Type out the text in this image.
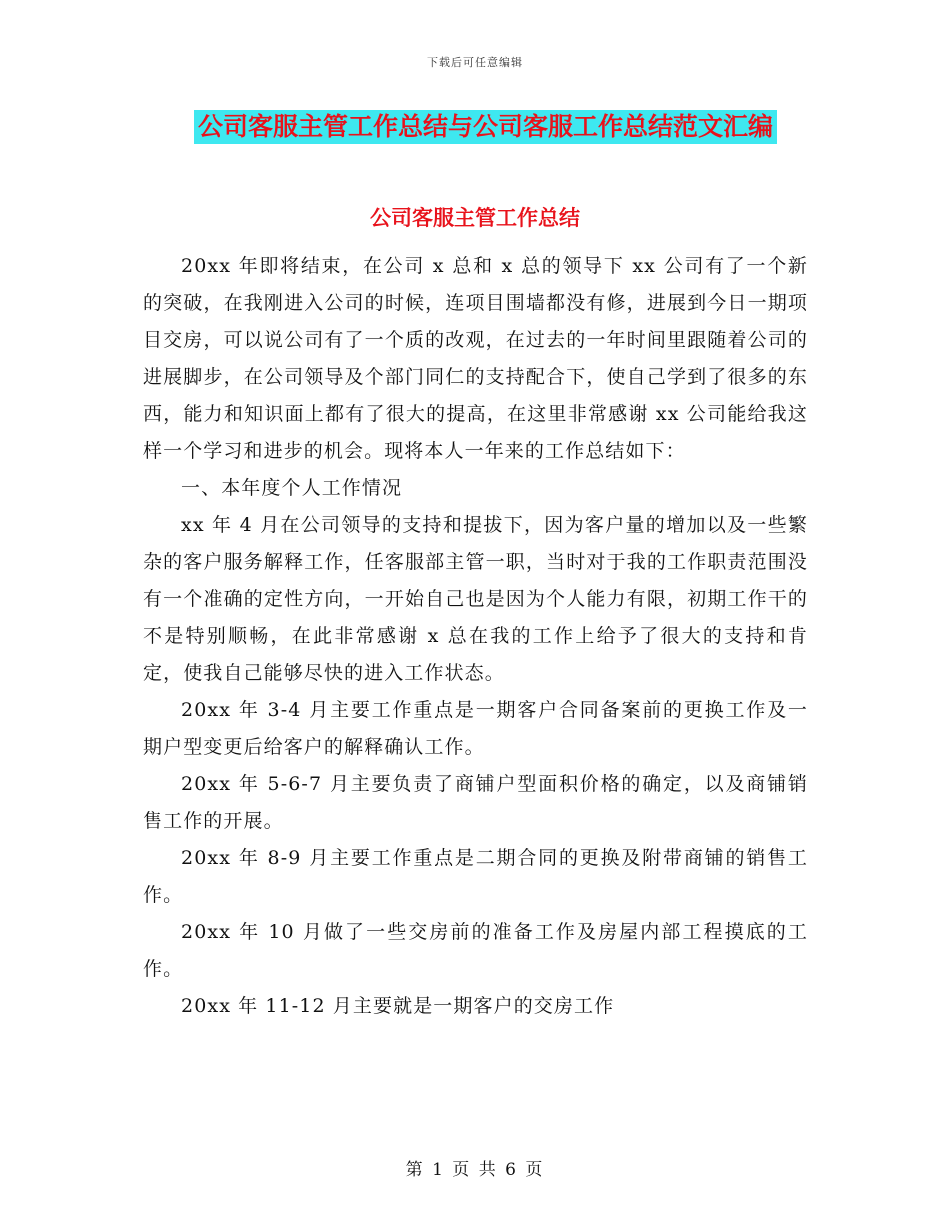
下载后可任意编辑
公司客服主管工作总结与公司客服工作总结范文汇编
公司客服主管工作总结

20xx 年即将结束，在公司 x 总和 x 总的领导下 xx 公司有了一个新的突破，在我刚进入公司的时候，连项目围墙都没有修，进展到今日一期项目交房，可以说公司有了一个质的改观，在过去的一年时间里跟随着公司的进展脚步，在公司领导及个部门同仁的支持配合下，使自己学到了很多的东西，能力和知识面上都有了很大的提高，在这里非常感谢 xx 公司能给我这样一个学习和进步的机会。现将本人一年来的工作总结如下：

一、本年度个人工作情况

xx 年 4 月在公司领导的支持和提拔下，因为客户量的增加以及一些繁杂的客户服务解释工作，任客服部主管一职，当时对于我的工作职责范围没有一个准确的定性方向，一开始自己也是因为个人能力有限，初期工作干的不是特别顺畅，在此非常感谢 x 总在我的工作上给予了很大的支持和肯定，使我自己能够尽快的进入工作状态。

20xx 年 3-4 月主要工作重点是一期客户合同备案前的更换工作及一期户型变更后给客户的解释确认工作。

20xx 年 5-6-7 月主要负责了商铺户型面积价格的确定，以及商铺销售工作的开展。

20xx 年 8-9 月主要工作重点是二期合同的更换及附带商铺的销售工作。

20xx 年 10 月做了一些交房前的准备工作及房屋内部工程摸底的工作。

20xx 年 11-12 月主要就是一期客户的交房工作

第 1 页 共 6 页
